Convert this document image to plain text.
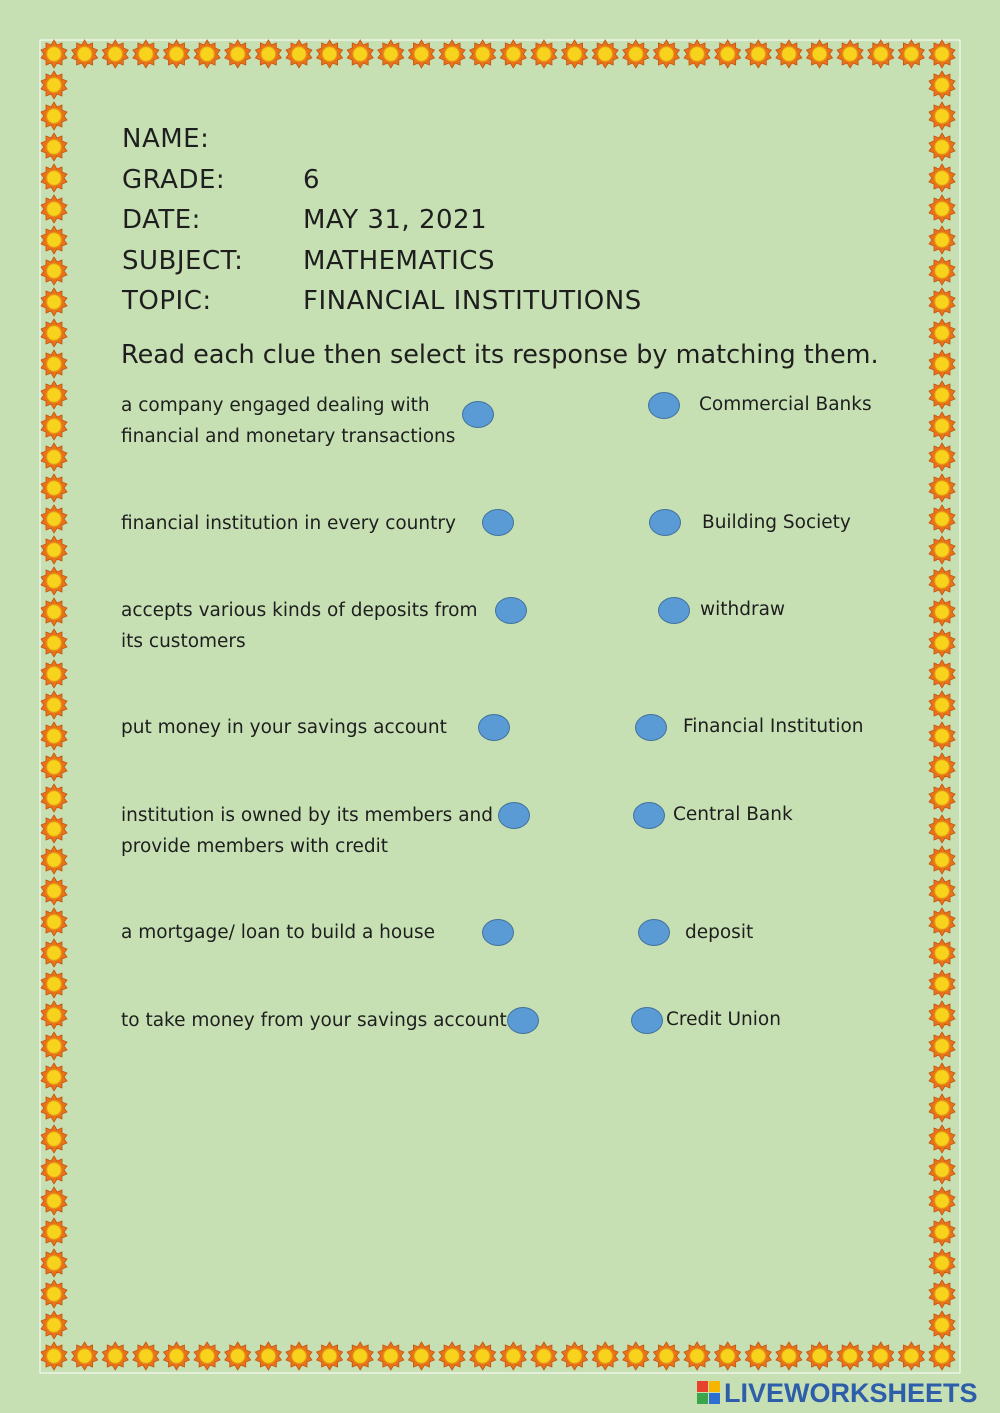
NAME:
GRADE:	6
DATE:	MAY 31, 2021
SUBJECT: MATHEMATICS
TOPIC:	FINANCIAL INSTITUTIONS
Read each clue then select its response by matching them.
a company engaged dealing with
financial and monetary transactions
financial institution in every country
accepts various kinds of deposits from
its customers
put money in your savings account
institution is owned by its members and
provide members with credit
a mortgage/ loan to build a house
to take money from your savings account
Commercial Banks
Building Society
withdraw
Financial Institution
Central Bank
deposit
Credit Union
LIVEWORKSHEETS
